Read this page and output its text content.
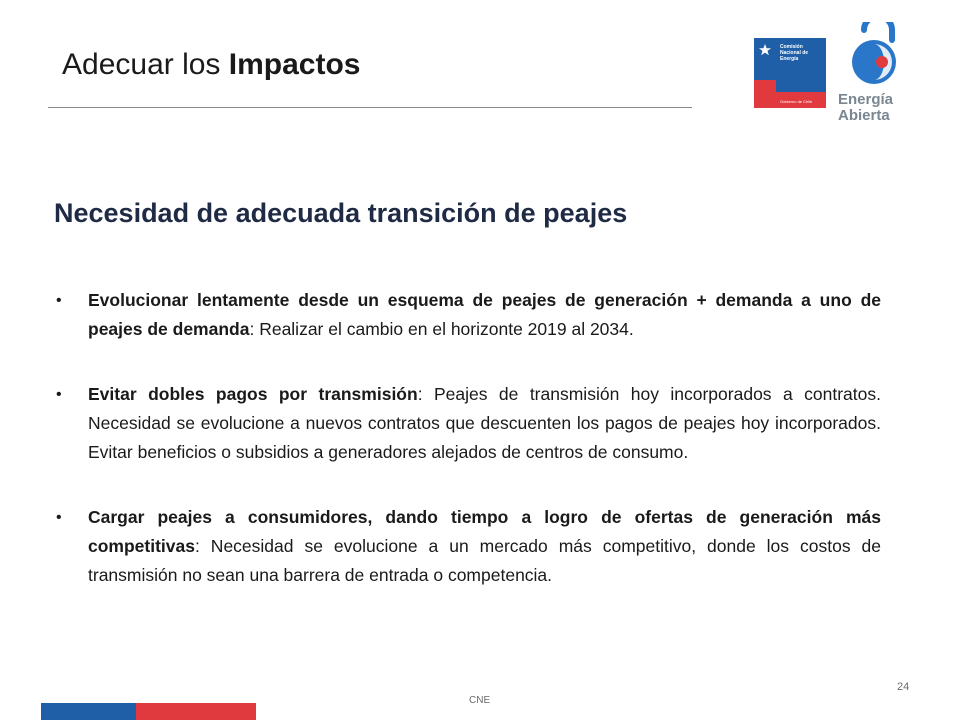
Adecuar los Impactos
Comisión
Nacional de
Energía
Gobierno de Chile Energía
Abierta
Necesidad de adecuada transición de peajes
• Evolucionar lentamente desde un esquema de peajes de generación + demanda a uno de peajes de demanda: Realizar el cambio en el horizonte 2019 al 2034.
• Evitar dobles pagos por transmisión: Peajes de transmisión hoy incorporados a contratos. Necesidad se evolucione a nuevos contratos que descuenten los pagos de peajes hoy incorporados. Evitar beneficios o subsidios a generadores alejados de centros de consumo.
• Cargar peajes a consumidores, dando tiempo a logro de ofertas de generación más competitivas: Necesidad se evolucione a un mercado más competitivo, donde los costos de transmisión no sean una barrera de entrada o competencia.
CNE
24
